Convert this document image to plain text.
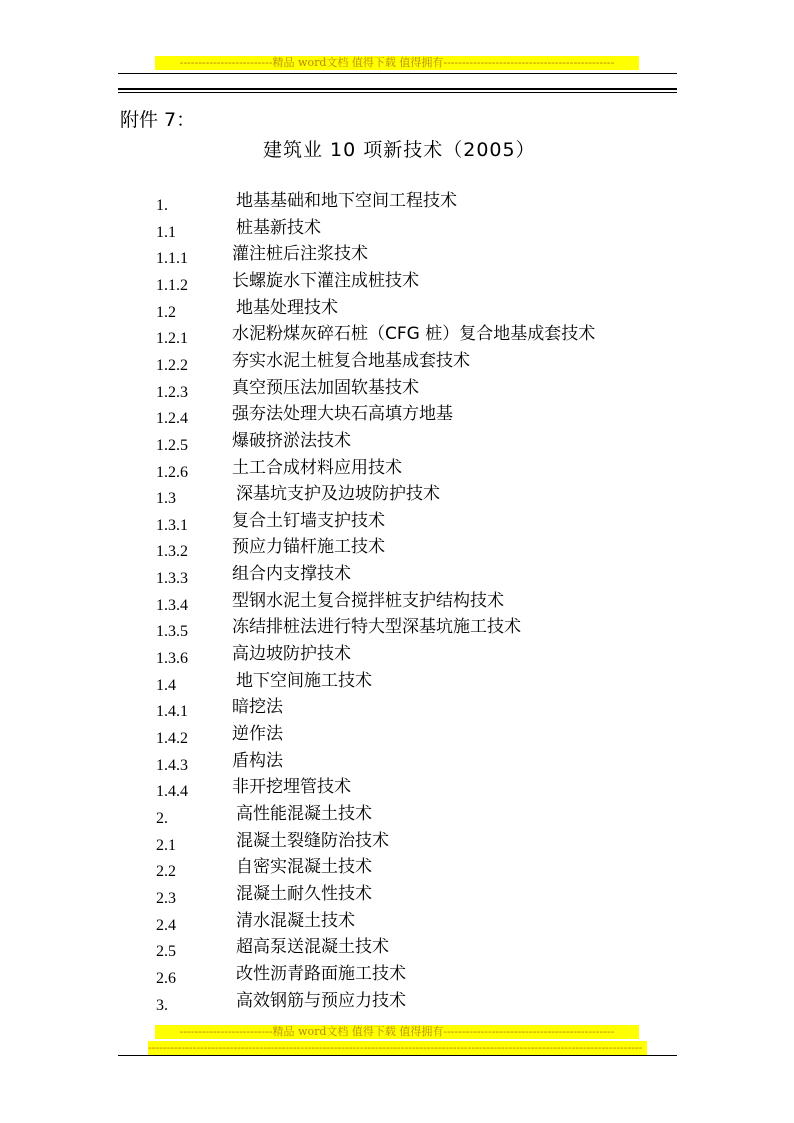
-------------------------精品 word文档 值得下载 值得拥有----------------------------------------------
附件 7：
建筑业 10 项新技术（2005）
1.	地基基础和地下空间工程技术
1.1	桩基新技术
1.1.1	灌注桩后注浆技术
1.1.2	长螺旋水下灌注成桩技术
1.2	地基处理技术
1.2.1	水泥粉煤灰碎石桩（CFG 桩）复合地基成套技术
1.2.2	夯实水泥土桩复合地基成套技术
1.2.3	真空预压法加固软基技术
1.2.4	强夯法处理大块石高填方地基
1.2.5	爆破挤淤法技术
1.2.6	土工合成材料应用技术
1.3	深基坑支护及边坡防护技术
1.3.1	复合土钉墙支护技术
1.3.2	预应力锚杆施工技术
1.3.3	组合内支撑技术
1.3.4	型钢水泥土复合搅拌桩支护结构技术
1.3.5	冻结排桩法进行特大型深基坑施工技术
1.3.6	高边坡防护技术
1.4	地下空间施工技术
1.4.1	暗挖法
1.4.2	逆作法
1.4.3	盾构法
1.4.4	非开挖埋管技术
2.	高性能混凝土技术
2.1	混凝土裂缝防治技术
2.2	自密实混凝土技术
2.3	混凝土耐久性技术
2.4	清水混凝土技术
2.5	超高泵送混凝土技术
2.6	改性沥青路面施工技术
3.	高效钢筋与预应力技术
-------------------------精品 word文档 值得下载 值得拥有----------------------------------------------
-------------------------------------------------------------------------------------------------------------------------------------
